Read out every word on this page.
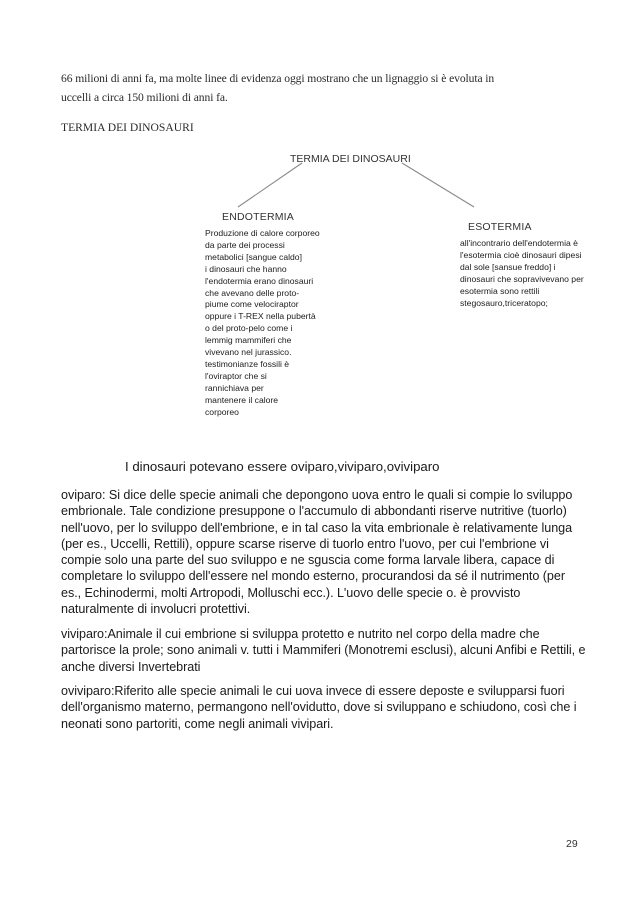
66 milioni di anni fa, ma molte linee di evidenza oggi mostrano che un lignaggio si è evoluta in
uccelli a circa 150 milioni di anni fa.
TERMIA DEI DINOSAURI
TERMIA DEI DINOSAURI
ENDOTERMIA
Produzione di calore corporeo
da parte dei processi
metabolici [sangue caldo]
i dinosauri che hanno
l'endotermia erano dinosauri
che avevano delle proto-
piume come velociraptor
oppure i T-REX nella pubertà
o del proto-pelo come i
lemmig mammiferi che
vivevano nel jurassico.
testimonianze fossili è
l'oviraptor che si
rannichiava per
mantenere il calore
corporeo
ESOTERMIA
all'incontrario dell'endotermia è
l'esotermia cioè dinosauri dipesi
dal sole [sansue freddo] i
dinosauri che sopravivevano per
esotermia sono rettili
stegosauro,triceratopo;
I dinosauri potevano essere oviparo,viviparo,oviviparo
oviparo: Si dice delle specie animali che depongono uova entro le quali si compie lo sviluppo
embrionale. Tale condizione presuppone o l'accumulo di abbondanti riserve nutritive (tuorlo)
nell'uovo, per lo sviluppo dell'embrione, e in tal caso la vita embrionale è relativamente lunga
(per es., Uccelli, Rettili), oppure scarse riserve di tuorlo entro l'uovo, per cui l'embrione vi
compie solo una parte del suo sviluppo e ne sguscia come forma larvale libera, capace di
completare lo sviluppo dell'essere nel mondo esterno, procurandosi da sé il nutrimento (per
es., Echinodermi, molti Artropodi, Molluschi ecc.). L'uovo delle specie o. è provvisto
naturalmente di involucri protettivi.
viviparo:Animale il cui embrione si sviluppa protetto e nutrito nel corpo della madre che
partorisce la prole; sono animali v. tutti i Mammiferi (Monotremi esclusi), alcuni Anfibi e Rettili, e
anche diversi Invertebrati
oviviparo:Riferito alle specie animali le cui uova invece di essere deposte e svilupparsi fuori
dell'organismo materno, permangono nell'ovidutto, dove si sviluppano e schiudono, così che i
neonati sono partoriti, come negli animali vivipari.
29
